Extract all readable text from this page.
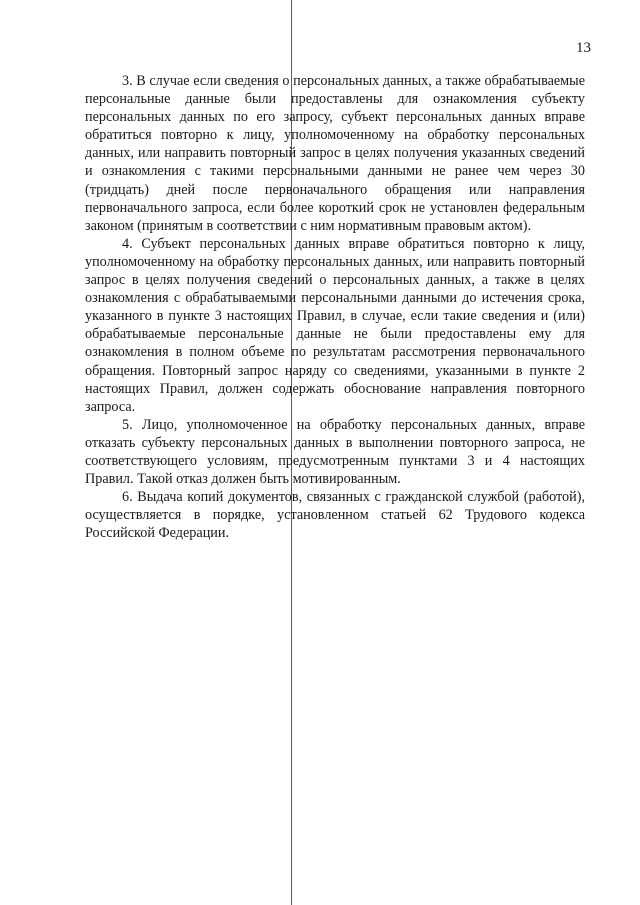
13

3. В случае если сведения о персональных данных, а также обрабатываемые персональные данные были предоставлены для ознакомления субъекту персональных данных по его запросу, субъект персональных данных вправе обратиться повторно к лицу, уполномоченному на обработку персональных данных, или направить повторный запрос в целях получения указанных сведений и ознакомления с такими персональными данными не ранее чем через 30 (тридцать) дней после первоначального обращения или направления первоначального запроса, если более короткий срок не установлен федеральным законом (принятым в соответствии с ним нормативным правовым актом).

4. Субъект персональных данных вправе обратиться повторно к лицу, уполномоченному на обработку персональных данных, или направить повторный запрос в целях получения сведений о персональных данных, а также в целях ознакомления с обрабатываемыми персональными данными до истечения срока, указанного в пункте 3 настоящих Правил, в случае, если такие сведения и (или) обрабатываемые персональные данные не были предоставлены ему для ознакомления в полном объеме по результатам рассмотрения первоначального обращения. Повторный запрос наряду со сведениями, указанными в пункте 2 настоящих Правил, должен содержать обоснование направления повторного запроса.

5. Лицо, уполномоченное на обработку персональных данных, вправе отказать субъекту персональных данных в выполнении повторного запроса, не соответствующего условиям, предусмотренным пунктами 3 и 4 настоящих Правил. Такой отказ должен быть мотивированным.

6. Выдача копий документов, связанных с гражданской службой (работой), осуществляется в порядке, установленном статьей 62 Трудового кодекса Российской Федерации.
